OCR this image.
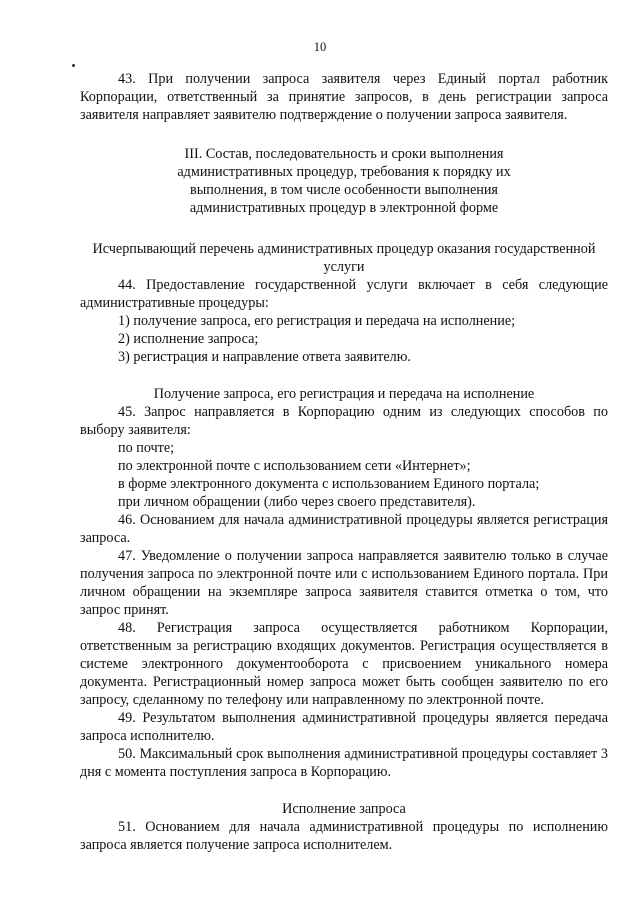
10

43. При получении запроса заявителя через Единый портал работник Корпорации, ответственный за принятие запросов, в день регистрации запроса заявителя направляет заявителю подтверждение о получении запроса заявителя.

III. Состав, последовательность и сроки выполнения административных процедур, требования к порядку их выполнения, в том числе особенности выполнения административных процедур в электронной форме

Исчерпывающий перечень административных процедур оказания государственной услуги

44. Предоставление государственной услуги включает в себя следующие административные процедуры:

1) получение запроса, его регистрация и передача на исполнение;

2) исполнение запроса;

3) регистрация и направление ответа заявителю.

Получение запроса, его регистрация и передача на исполнение

45. Запрос направляется в Корпорацию одним из следующих способов по выбору заявителя:

по почте;

по электронной почте с использованием сети «Интернет»;

в форме электронного документа с использованием Единого портала;

при личном обращении (либо через своего представителя).

46. Основанием для начала административной процедуры является регистрация запроса.

47. Уведомление о получении запроса направляется заявителю только в случае получения запроса по электронной почте или с использованием Единого портала. При личном обращении на экземпляре запроса заявителя ставится отметка о том, что запрос принят.

48. Регистрация запроса осуществляется работником Корпорации, ответственным за регистрацию входящих документов. Регистрация осуществляется в системе электронного документооборота с присвоением уникального номера документа. Регистрационный номер запроса может быть сообщен заявителю по его запросу, сделанному по телефону или направленному по электронной почте.

49. Результатом выполнения административной процедуры является передача запроса исполнителю.

50. Максимальный срок выполнения административной процедуры составляет 3 дня с момента поступления запроса в Корпорацию.

Исполнение запроса

51. Основанием для начала административной процедуры по исполнению запроса является получение запроса исполнителем.
